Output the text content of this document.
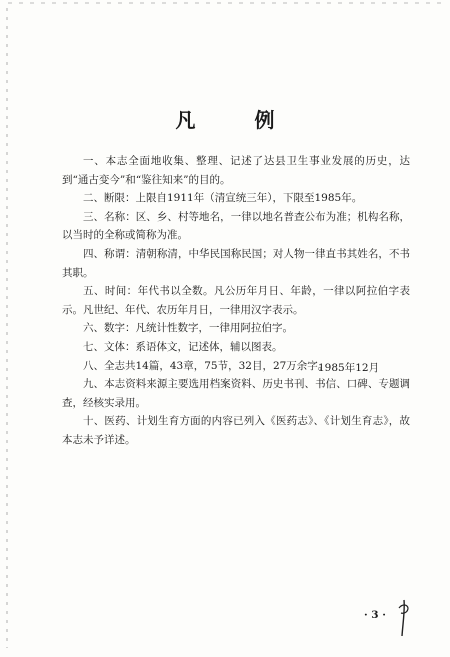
凡 例

一、本志全面地收集、整理、记述了达县卫生事业发展的历史，达到“通古变今”和“鉴往知来”的目的。

二、断限：上限自1911年（清宣统三年），下限至1985年。

三、名称：区、乡、村等地名，一律以地名普查公布为准；机构名称，以当时的全称或简称为准。

四、称谓：清朝称清，中华民国称民国；对人物一律直书其姓名，不书其职。

五、时间：年代书以全数。凡公历年月日、年龄，一律以阿拉伯字表示。凡世纪、年代、农历年月日，一律用汉字表示。

六、数字：凡统计性数字，一律用阿拉伯字。

七、文体：系语体文，记述体，辅以图表。

八、全志共14篇，43章，75节，32目，27万余字。

九、本志资料来源主要选用档案资料、历史书刊、书信、口碑、专题调查，经核实录用。

十、医药、计划生育方面的内容已列入《医药志》、《计划生育志》，故本志未予详述。

1985年12月
· 3 ·
